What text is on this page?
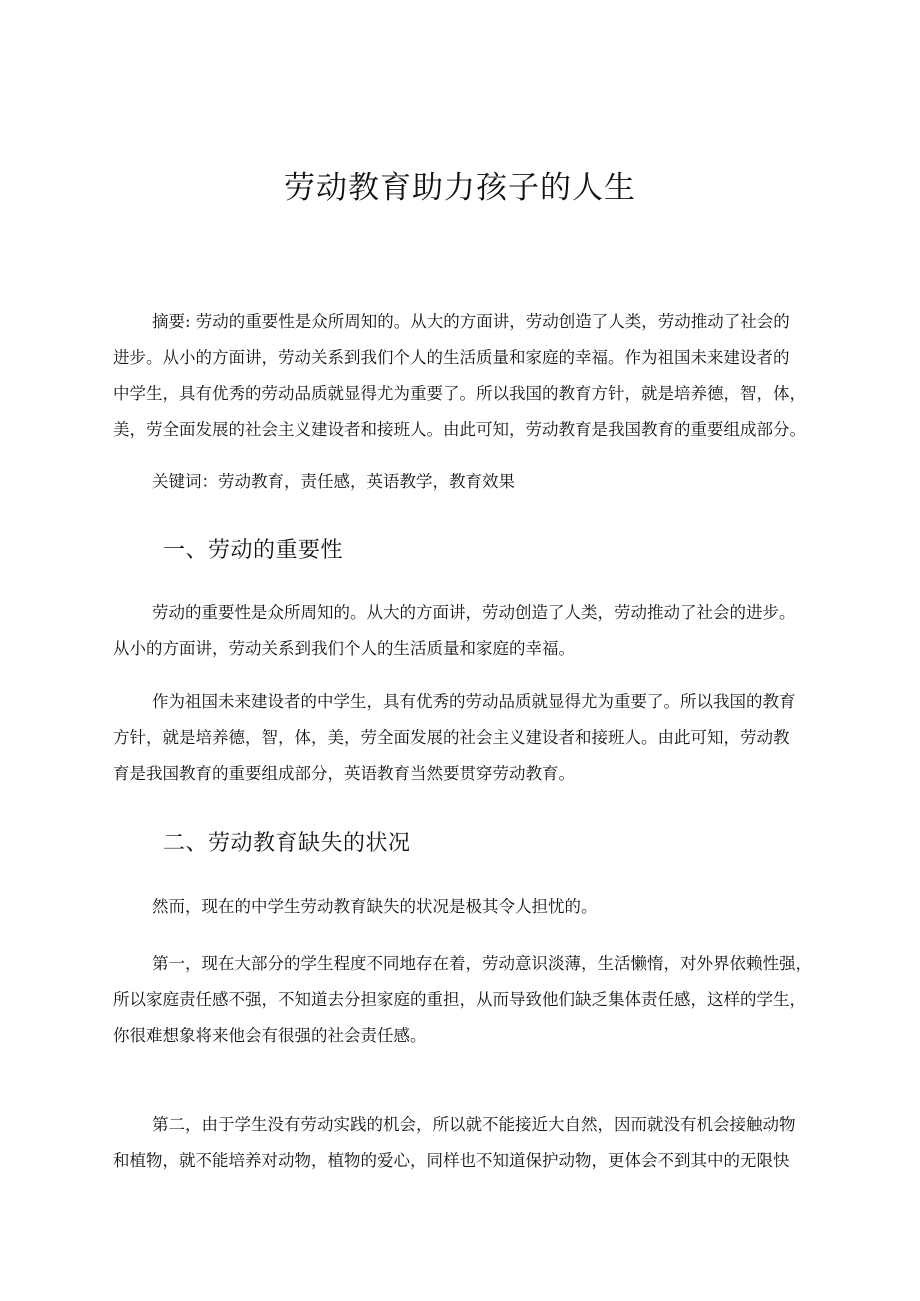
劳动教育助力孩子的人生
摘要: 劳动的重要性是众所周知的。从大的方面讲，劳动创造了人类，劳动推动了社会的
进步。从小的方面讲，劳动关系到我们个人的生活质量和家庭的幸福。作为祖国未来建设者的
中学生，具有优秀的劳动品质就显得尤为重要了。所以我国的教育方针，就是培养德，智，体，
美，劳全面发展的社会主义建设者和接班人。由此可知，劳动教育是我国教育的重要组成部分。
关键词：劳动教育，责任感，英语教学，教育效果
一、劳动的重要性
劳动的重要性是众所周知的。从大的方面讲，劳动创造了人类，劳动推动了社会的进步。
从小的方面讲，劳动关系到我们个人的生活质量和家庭的幸福。
作为祖国未来建设者的中学生，具有优秀的劳动品质就显得尤为重要了。所以我国的教育
方针，就是培养德，智，体，美，劳全面发展的社会主义建设者和接班人。由此可知，劳动教
育是我国教育的重要组成部分，英语教育当然要贯穿劳动教育。
二、劳动教育缺失的状况
然而，现在的中学生劳动教育缺失的状况是极其令人担忧的。
第一，现在大部分的学生程度不同地存在着，劳动意识淡薄，生活懒惰，对外界依赖性强，
所以家庭责任感不强，不知道去分担家庭的重担，从而导致他们缺乏集体责任感，这样的学生，
你很难想象将来他会有很强的社会责任感。
第二，由于学生没有劳动实践的机会，所以就不能接近大自然，因而就没有机会接触动物
和植物，就不能培养对动物，植物的爱心，同样也不知道保护动物，更体会不到其中的无限快
